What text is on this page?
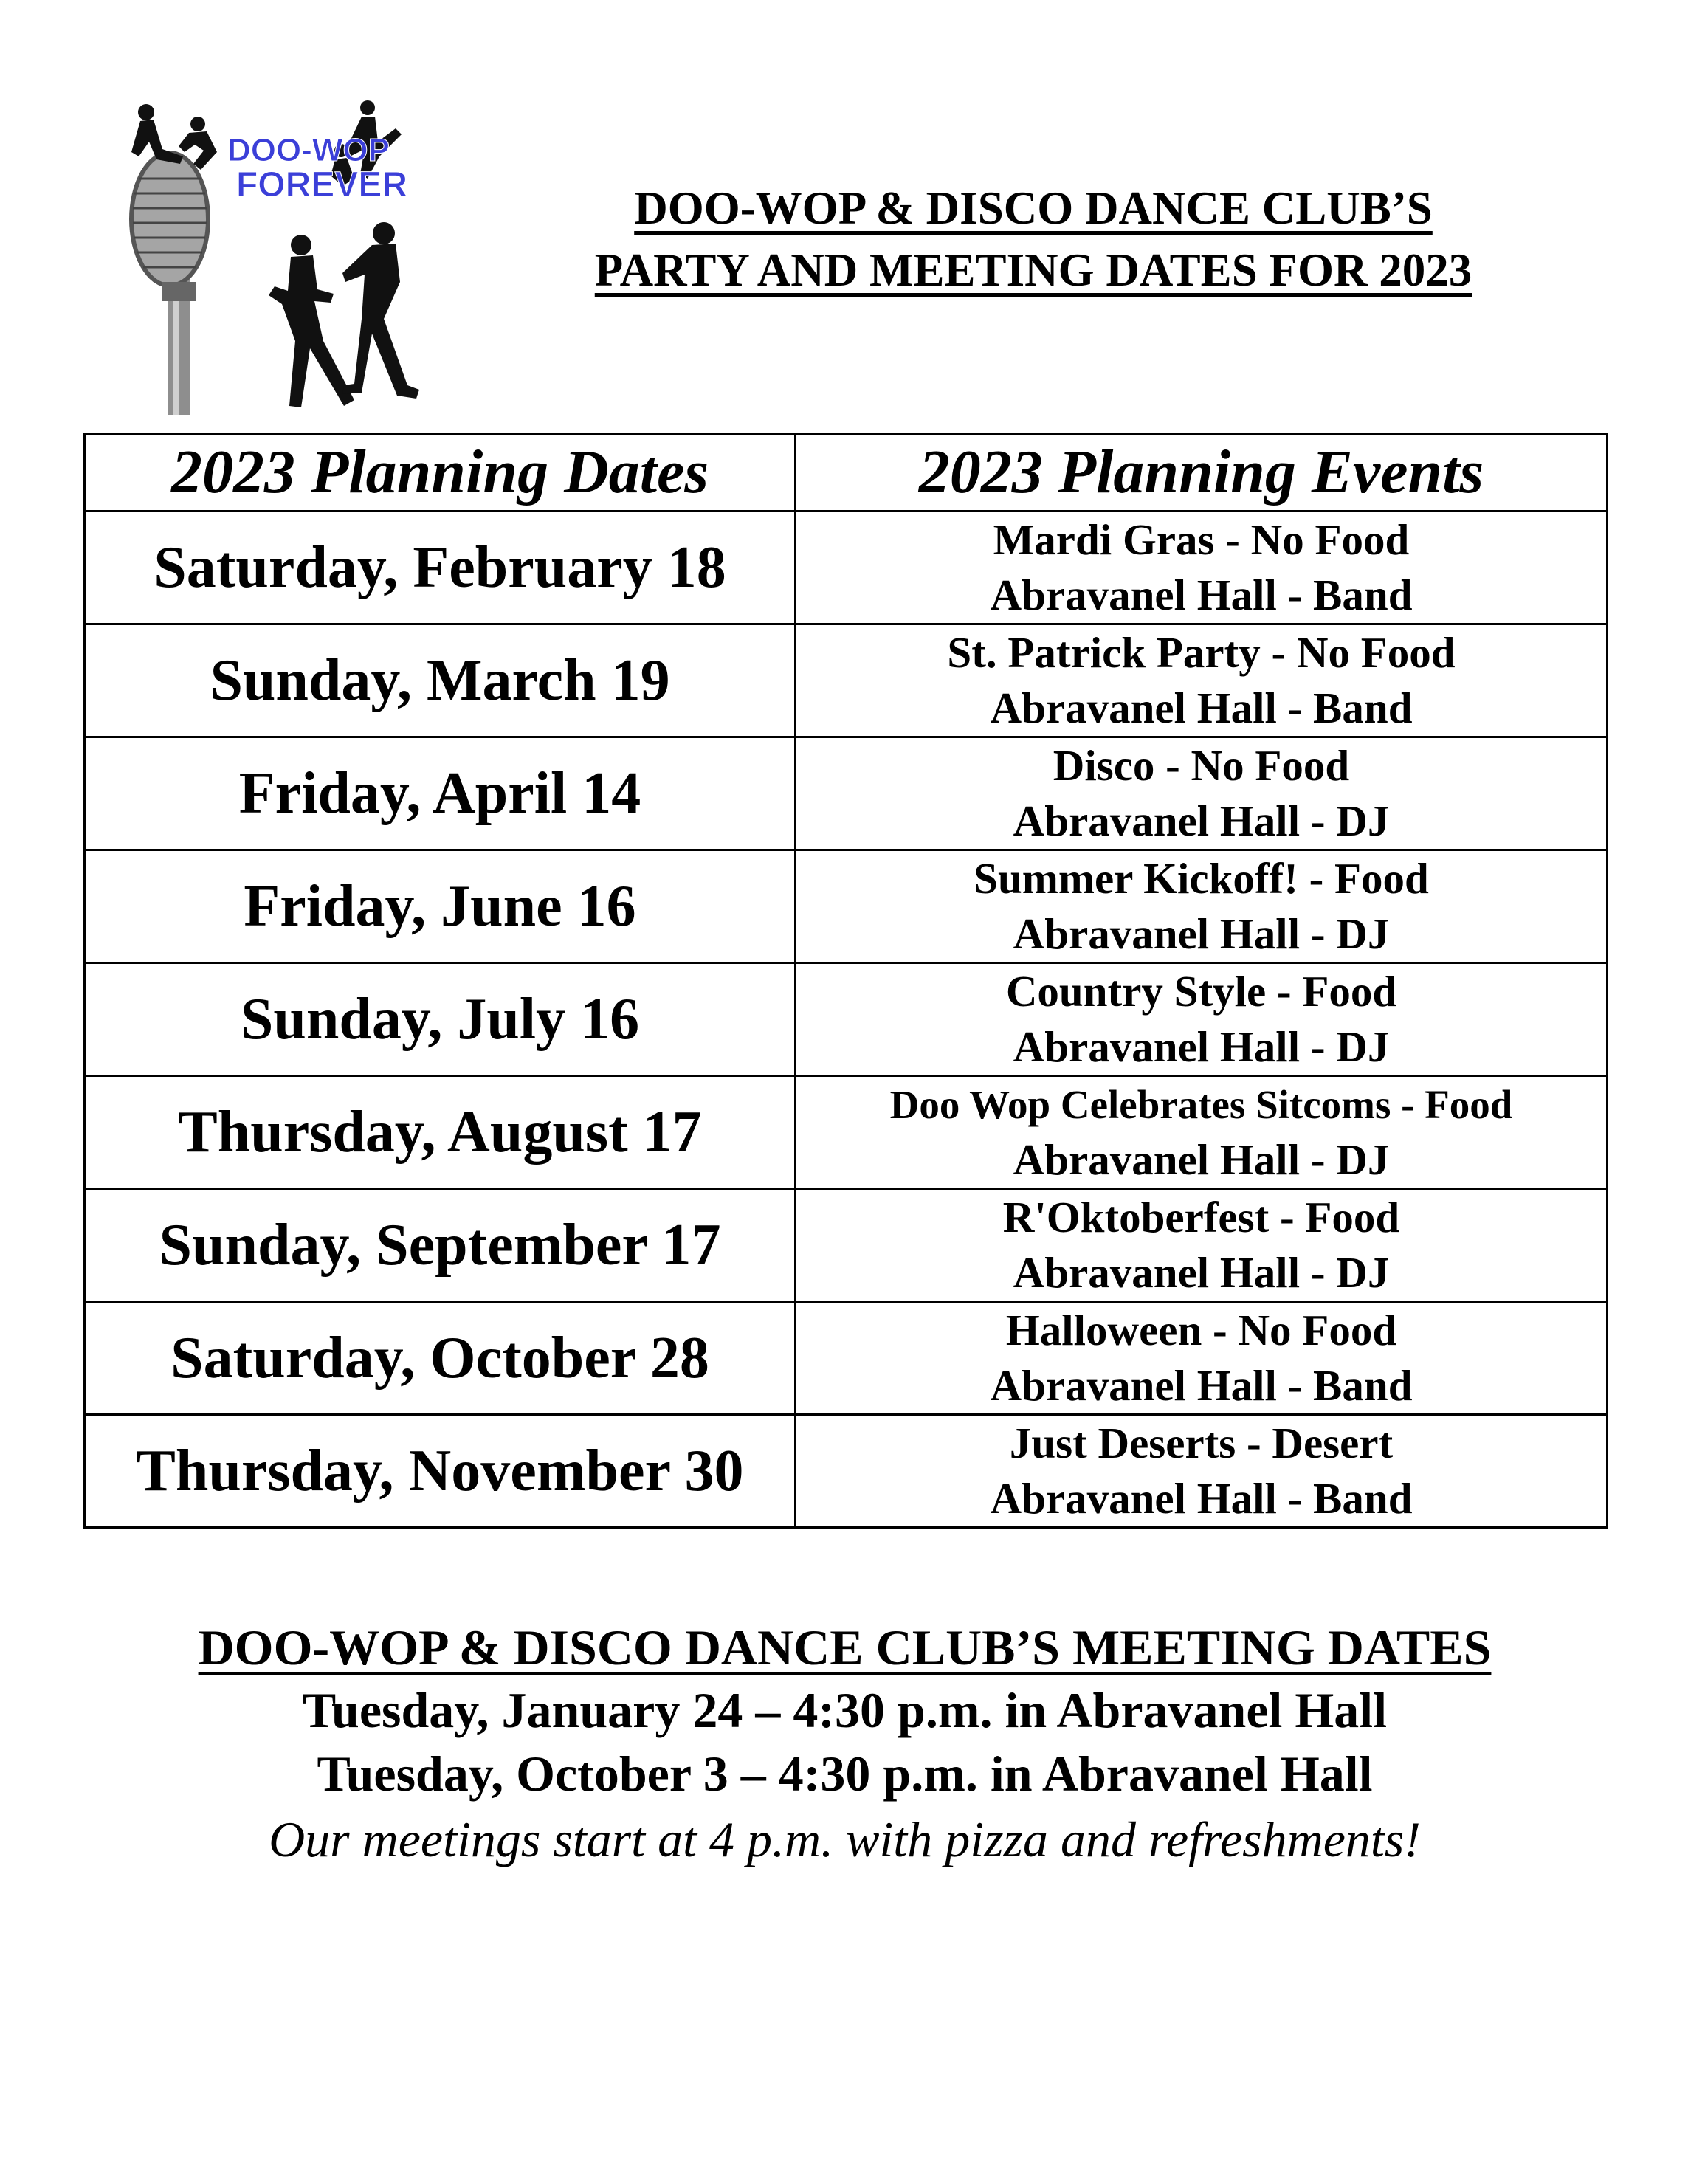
DOO-WOP
FOREVER	DOO-WOP & DISCO DANCE CLUB’S
PARTY AND MEETING DATES FOR 2023
2023 Planning Dates	2023 Planning Events
Saturday, February 18	Mardi Gras - No Food
Abravanel Hall - Band

Sunday, March 19	St. Patrick Party - No Food
Abravanel Hall - Band

Friday, April 14	Disco - No Food
Abravanel Hall - DJ

Friday, June 16	Summer Kickoff! - Food
Abravanel Hall - DJ

Sunday, July 16	Country Style - Food
Abravanel Hall - DJ

Thursday, August 17	Doo Wop Celebrates Sitcoms - Food
Abravanel Hall - DJ

Sunday, September 17	R'Oktoberfest - Food
Abravanel Hall - DJ

Saturday, October 28	Halloween - No Food
Abravanel Hall - Band

Thursday, November 30	Just Deserts - Desert
Abravanel Hall - Band
DOO-WOP & DISCO DANCE CLUB’S MEETING DATES
Tuesday, January 24 – 4:30 p.m. in Abravanel Hall
Tuesday, October 3 – 4:30 p.m. in Abravanel Hall
Our meetings start at 4 p.m. with pizza and refreshments!
